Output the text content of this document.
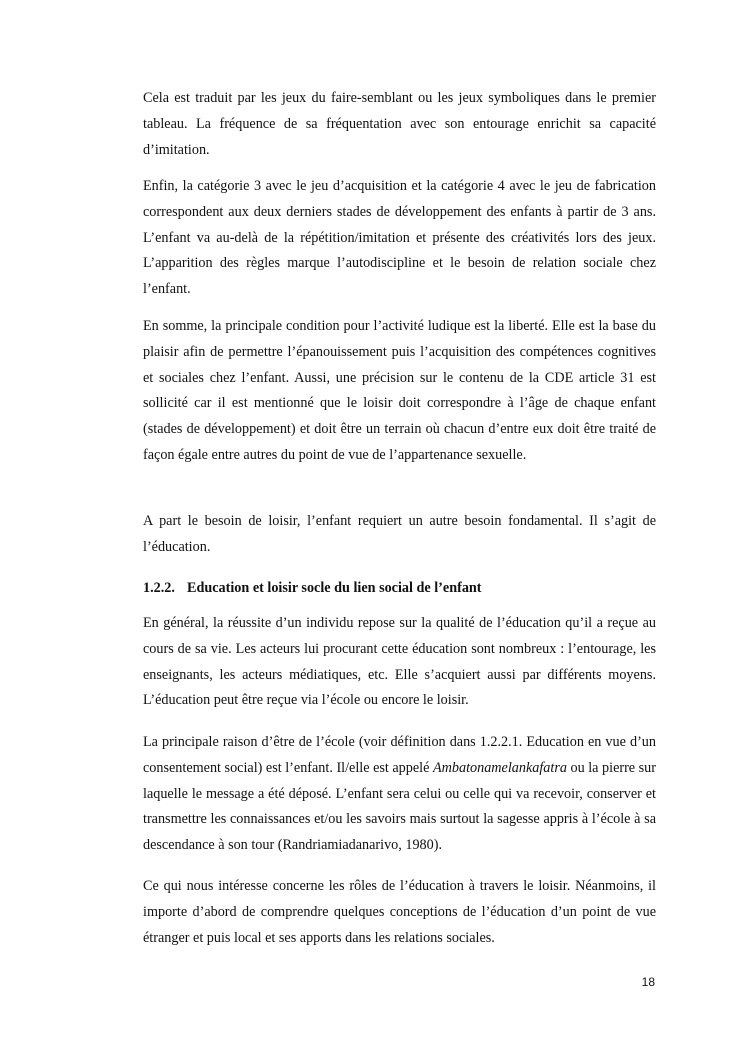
Cela est traduit par les jeux du faire-semblant ou les jeux symboliques dans le premier tableau. La fréquence de sa fréquentation avec son entourage enrichit sa capacité d’imitation.

Enfin, la catégorie 3 avec le jeu d’acquisition et la catégorie 4 avec le jeu de fabrication correspondent aux deux derniers stades de développement des enfants à partir de 3 ans. L’enfant va au-delà de la répétition/imitation et présente des créativités lors des jeux. L’apparition des règles marque l’autodiscipline et le besoin de relation sociale chez l’enfant.

En somme, la principale condition pour l’activité ludique est la liberté. Elle est la base du plaisir afin de permettre l’épanouissement puis l’acquisition des compétences cognitives et sociales chez l’enfant. Aussi, une précision sur le contenu de la CDE article 31 est sollicité car il est mentionné que le loisir doit correspondre à l’âge de chaque enfant (stades de développement) et doit être un terrain où chacun d’entre eux doit être traité de façon égale entre autres du point de vue de l’appartenance sexuelle.

A part le besoin de loisir, l’enfant requiert un autre besoin fondamental. Il s’agit de l’éducation.

1.2.2. Education et loisir socle du lien social de l’enfant

En général, la réussite d’un individu repose sur la qualité de l’éducation qu’il a reçue au cours de sa vie. Les acteurs lui procurant cette éducation sont nombreux : l’entourage, les enseignants, les acteurs médiatiques, etc. Elle s’acquiert aussi par différents moyens. L’éducation peut être reçue via l’école ou encore le loisir.

La principale raison d’être de l’école (voir définition dans 1.2.2.1. Education en vue d’un consentement social) est l’enfant. Il/elle est appelé Ambatonamelankafatra ou la pierre sur laquelle le message a été déposé. L’enfant sera celui ou celle qui va recevoir, conserver et transmettre les connaissances et/ou les savoirs mais surtout la sagesse appris à l’école à sa descendance à son tour (Randriamiadanarivo, 1980).

Ce qui nous intéresse concerne les rôles de l’éducation à travers le loisir. Néanmoins, il importe d’abord de comprendre quelques conceptions de l’éducation d’un point de vue étranger et puis local et ses apports dans les relations sociales.

18
